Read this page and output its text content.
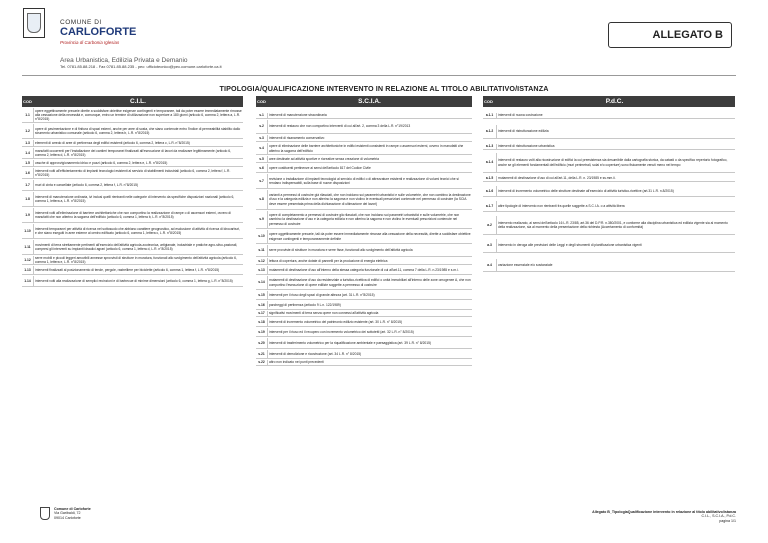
COMUNE DI
CARLOFORTE
Provincia di Carbonia Iglesias
ALLEGATO B
Area Urbanistica, Edilizia Privata e Demanio
Tel. 0781.85.88.218 - Fax 0781.85.88.235 - pec: ufficiotecnico@pec.comune.carloforte.ca.it
TIPOLOGIA/QUALIFICAZIONE INTERVENTO IN RELAZIONE AL TITOLO ABILITATIVO/ISTANZA
COD	C.I.L.
1.1
opere eggettivamente precarie dirette a soddisfare obiettive esigenze contingenti e temporanee, tali da poter essere immediatamente rimosse alla cessazione della necessità e, comunque, entro un termine di utilizzazione non superiore a 180 giorni (articolo 6, comma 2, lettera a, L.R. n°8/2015)
1.2
opere di pavimentazione e di finitura di spazi esterni, anche per aree di sosta, che siano contenute entro l'indice di permeabilità stabilito dallo strumento urbanistico comunale (articolo 6, comma 2, lettera b, L.R. n°8/2015)
1.3	elementi di arredo di aree di pertinenza degli edifici esistenti (articolo 6, comma 2, lettera c, L.R. n°8/2015)
1.4
manufatti occorrenti per l'installazione dei cantieri temporanei finalizzati all'esecuzione di lavori da realizzare legittimamente (articolo 6, comma 2, lettera d, L.R. n°8/2015)
1.5	vasche di approvvigionamento idrico e pozzi (articolo 6, comma 2, lettera e, L.R. n°8/2015)
1.6
interventi volti all'efficientamento di impianti tecnologici esistenti al servizio di stabilimenti industriali (articolo 6, comma 2, lettera f, L.R. n°8/2015)
1.7	muri di cinta e cancellate (articolo 6, comma 2, lettera f, L.R. n°8/2015)
1.8
interventi di manutenzione ordinaria, ivi inclusi quelli rientranti nelle categorie di intervento da specifiche disposizioni nazionali (articolo 6, comma 1, lettera a, L.R. n°8/2015)
1.9
interventi volti all'eliminazione di barriere architettoniche che non comportino la realizzazione di rampe o di ascensori esterni, ovvero di manufatti che non alterino la sagoma dell'edificio (articolo 6, comma 1, lettera b, L.R. n°8/2015)
1.10
interventi temporanei per attività di ricerca nel sottosuolo che abbiano carattere geognostico, ad esclusione di attività di ricerca di idrocarburi, e che siano eseguiti in aree esterne al centro edificato (articolo 6, comma 1, lettera c, L.R. n°8/2015)
1.11
movimenti di terra strettamente pertinenti all'esercizio dell'attività agricola-zootecnica, artigianale, industriale e pratiche agro-silvo-pastorali, compresi gli interventi su impianti idraulici agrari (articolo 6, comma 1, lettera d, L.R. n°8/2015)
1.12
serre mobili e piccoli leggeri amovibili annesse sprovvisti di strutture in muratura, funzionali allo svolgimento dell'attività agricola (articolo 6, comma 1, lettera e, L.R. n°8/2015)
1.13	interventi finalizzati al posizionamento di tende, pergole, rastrelliere per biciclette (articolo 6, comma 1, lettera f, L.R. n°8/2015)
1.14	interventi volti alla realizzazione di semplici recinzioni e di barbecue di minime dimensioni (articolo 6, comma 1, lettera g, L.R. n°8/2015)
COD	S.C.I.A.
s.1	interventi di manutenzione straordinaria
s.2	interventi di restauro che non comportino interventi di cui all'art. 2, comma 3 della L.R. n°19/2013
s.3	interventi di risanamento conservativo
s.4
opere di eliminazione delle barriere architettoniche in edifici esistenti consistenti in rampe o ascensori esterni, ovvero in manufatti che alterino la sagoma dell'edificio
s.5	aree destinate ad attività sportive e ricreative senza creazione di volumetria
s.6	opere costituenti pertinenze ai sensi dell'articolo 817 del Codice Civile
s.7
revisione o installazione di impianti tecnologici al servizio di edifici o di attrezzature esistenti e realizzazione di volumi tecnici che si rendano indispensabili, sulla base di nuove disposizioni
s.8
varianti a permessi di costruire già rilasciati, che non incidano sui parametri urbanistici e sulle volumetrie, che non cambino la destinazione d'uso e la categoria edilizia e non alterino la sagoma e non violino le eventuali prescrizioni contenute nel permesso di costruire (la SCIA deve essere presentata prima della dichiarazione di ultimazione dei lavori)
s.9
opere di completamento a permessi di costruire già rilasciati, che non incidano sui parametri urbanistici e sulle volumetrie, che non cambino la destinazione d'uso e la categoria edilizia e non alterino la sagoma e non violino le eventuali prescrizioni contenute nel permesso di costruire
s.10
opere oggettivamente precarie, tali da poter essere immediatamente rimosse alla cessazione della necessità, dirette a soddisfare obiettive esigenze contingenti e temporaneamente definite
s.11	serre provviste di strutture in muratura e serre fisse, funzionali allo svolgimento dell'attività agricola
s.12	lettura di copertura, anche dotate di pannelli per la produzione di energia elettrica
s.13	mutamenti di destinazione d'uso all'interno della stessa categoria funzionale di cui all'art.11, comma 7 della L.R. n.23/1985 e s.m.i.
s.14
mutamenti di destinazione d'uso da residenziale a turistico-ricettiva di edifici o unità immobiliari all'interno delle zone omogenee A, che non comportino l'esecuzione di opere edilizie soggette a permesso di costruire
s.15	interventi per il riuso degli spazi di grande altezza (art. 31 L.R. n°8/2015)
s.16	parcheggi di pertinenza (articolo 9 L.n. 122/1989)
s.17	significativi movimenti di terra senza opere non connessi all'attività agricola
s.18	interventi di incremento volumetrico del patrimonio edilizio esistente (art. 30 L.R. n° 8/2015)
s.19	interventi per il riuso ed il recupero con incremento volumetrico dei sottotetti (art. 32 L.R. n° 8/2015)
s.20	interventi di trasferimento volumetrico per la riqualificazione ambientale e paesaggistica (art. 39 L.R. n° 8/2015)
s.21	interventi di demolizione e ricostruzione (art. 34 L.R. n° 8/2015)
s.22	altro non indicato nei punti precedenti
COD	P.d.C.
a.1.1	interventi di nuova costruzione
a.1.2	interventi di ristrutturazione edilizia
a.1.3	interventi di ristrutturazione urbanistica
a.1.4
interventi di restauro volti alla ricostruzione di edifici la cui preesistenza sia desumibile dalla cartografia storica, da catasti o da specifico repertorio fotografico, anche se gli elementi fondamentali dell'edificio (muri perimetrali, solai e/o coperture) sono fisicamente venuti meno nel tempo
a.1.5	mutamenti di destinazione d'uso di cui all'art.11, della L.R. n. 23/1985 e ss.mm.ii.
a.1.6	interventi di incremento volumetrico delle strutture destinate all'esercizio di attività turistico-ricettive (art.31 L.R. n.8/2015)
a.1.7	altre tipologie di intervento non rientranti fra quelle soggette a S.C.I.A. o a attività libera
a.2
intervento realizzato, ai sensi dell'articolo 16 L.R. 23/85, art.36 del D.P.R. n.380/2001, e conforme alla disciplina urbanistica ed edilizia vigente sia al momento della realizzazione, sia al momento della presentazione della richiesta (Accertamento di conformità)
a.3	intervento in deroga alle previsioni delle Leggi e degli strumenti di pianificazione urbanistica vigenti
a.4	variazione essenziale e/o sostanziale
Comune di Carloforte
Via Garibaldi, 72
09014 Carloforte
Allegato B_TipologiaQualificazione intervento in relazione al titolo abilitativo/istanza
C.I.L., S.C.I.A., P.d.C.
pagina 1/1
